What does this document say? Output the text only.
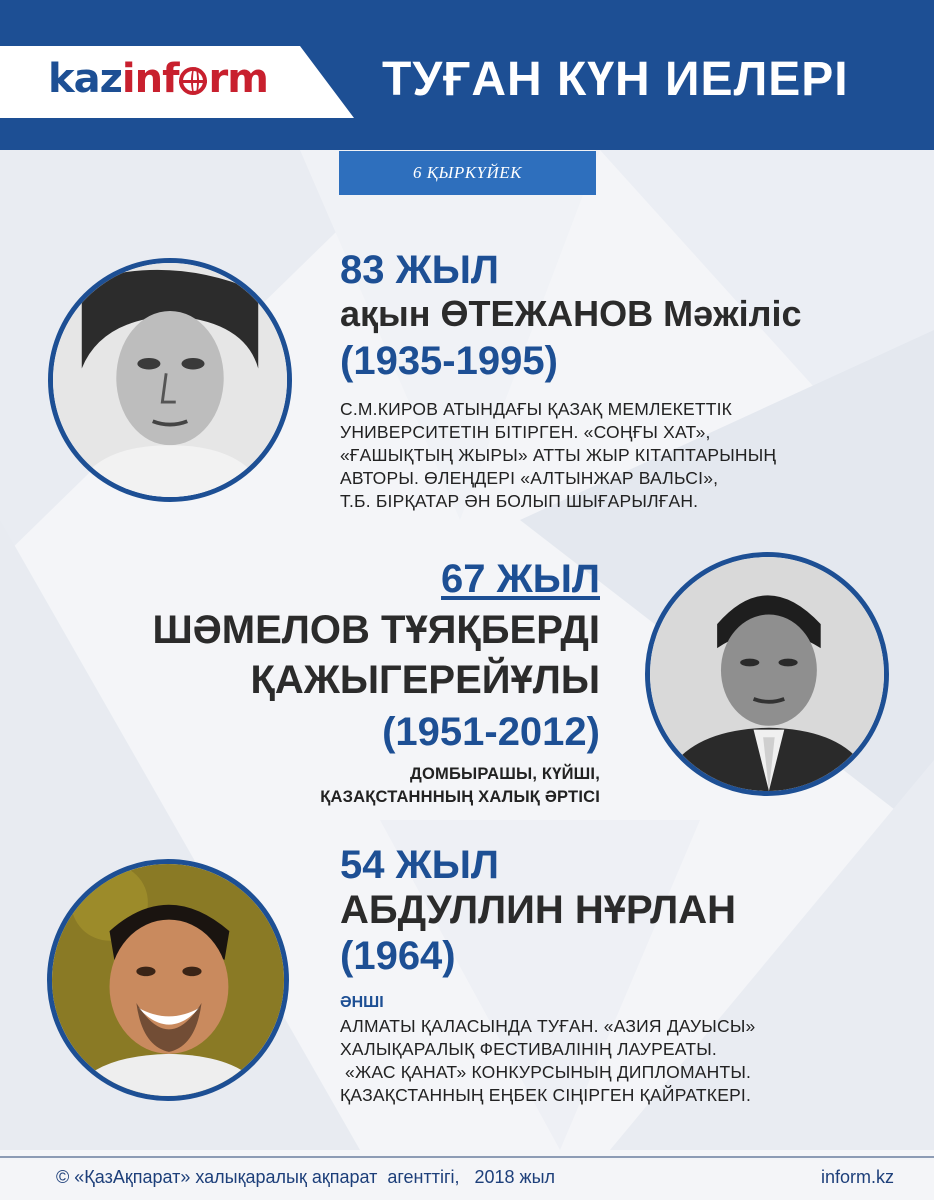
kazinf rm ТУҒАН КҮН ИЕЛЕРІ
6 ҚЫРКҮЙЕК
83 ЖЫЛ
ақын ӨТЕЖАНОВ Мәжіліс
(1935-1995)
С.М.КИРОВ АТЫНДАҒЫ ҚАЗАҚ МЕМЛЕКЕТТІК
УНИВЕРСИТЕТІН БІТІРГЕН. «СОҢҒЫ ХАТ»,
«ҒАШЫҚТЫҢ ЖЫРЫ» АТТЫ ЖЫР КІТАПТАРЫНЫҢ
АВТОРЫ. ӨЛЕҢДЕРІ «АЛТЫНЖАР ВАЛЬСІ»,
Т.Б. БІРҚАТАР ӘН БОЛЫП ШЫҒАРЫЛҒАН.
67 ЖЫЛ
ШӘМЕЛОВ ТҰЯҚБЕРДІ
ҚАЖЫГЕРЕЙҰЛЫ
(1951-2012)
ДОМБЫРАШЫ, КҮЙШІ,
ҚАЗАҚСТАНННЫҢ ХАЛЫҚ ӘРТІСІ
54 ЖЫЛ
АБДУЛЛИН НҰРЛАН
(1964)
ӘНШІ
АЛМАТЫ ҚАЛАСЫНДА ТУҒАН. «АЗИЯ ДАУЫСЫ»
ХАЛЫҚАРАЛЫҚ ФЕСТИВАЛІНІҢ ЛАУРЕАТЫ.
«ЖАС ҚАНАТ» КОНКУРСЫНЫҢ ДИПЛОМАНТЫ.
ҚАЗАҚСТАННЫҢ ЕҢБЕК СІҢІРГЕН ҚАЙРАТКЕРІ.
© «ҚазАқпарат» халықаралық ақпарат  агенттігі,   2018 жыл	inform.kz
